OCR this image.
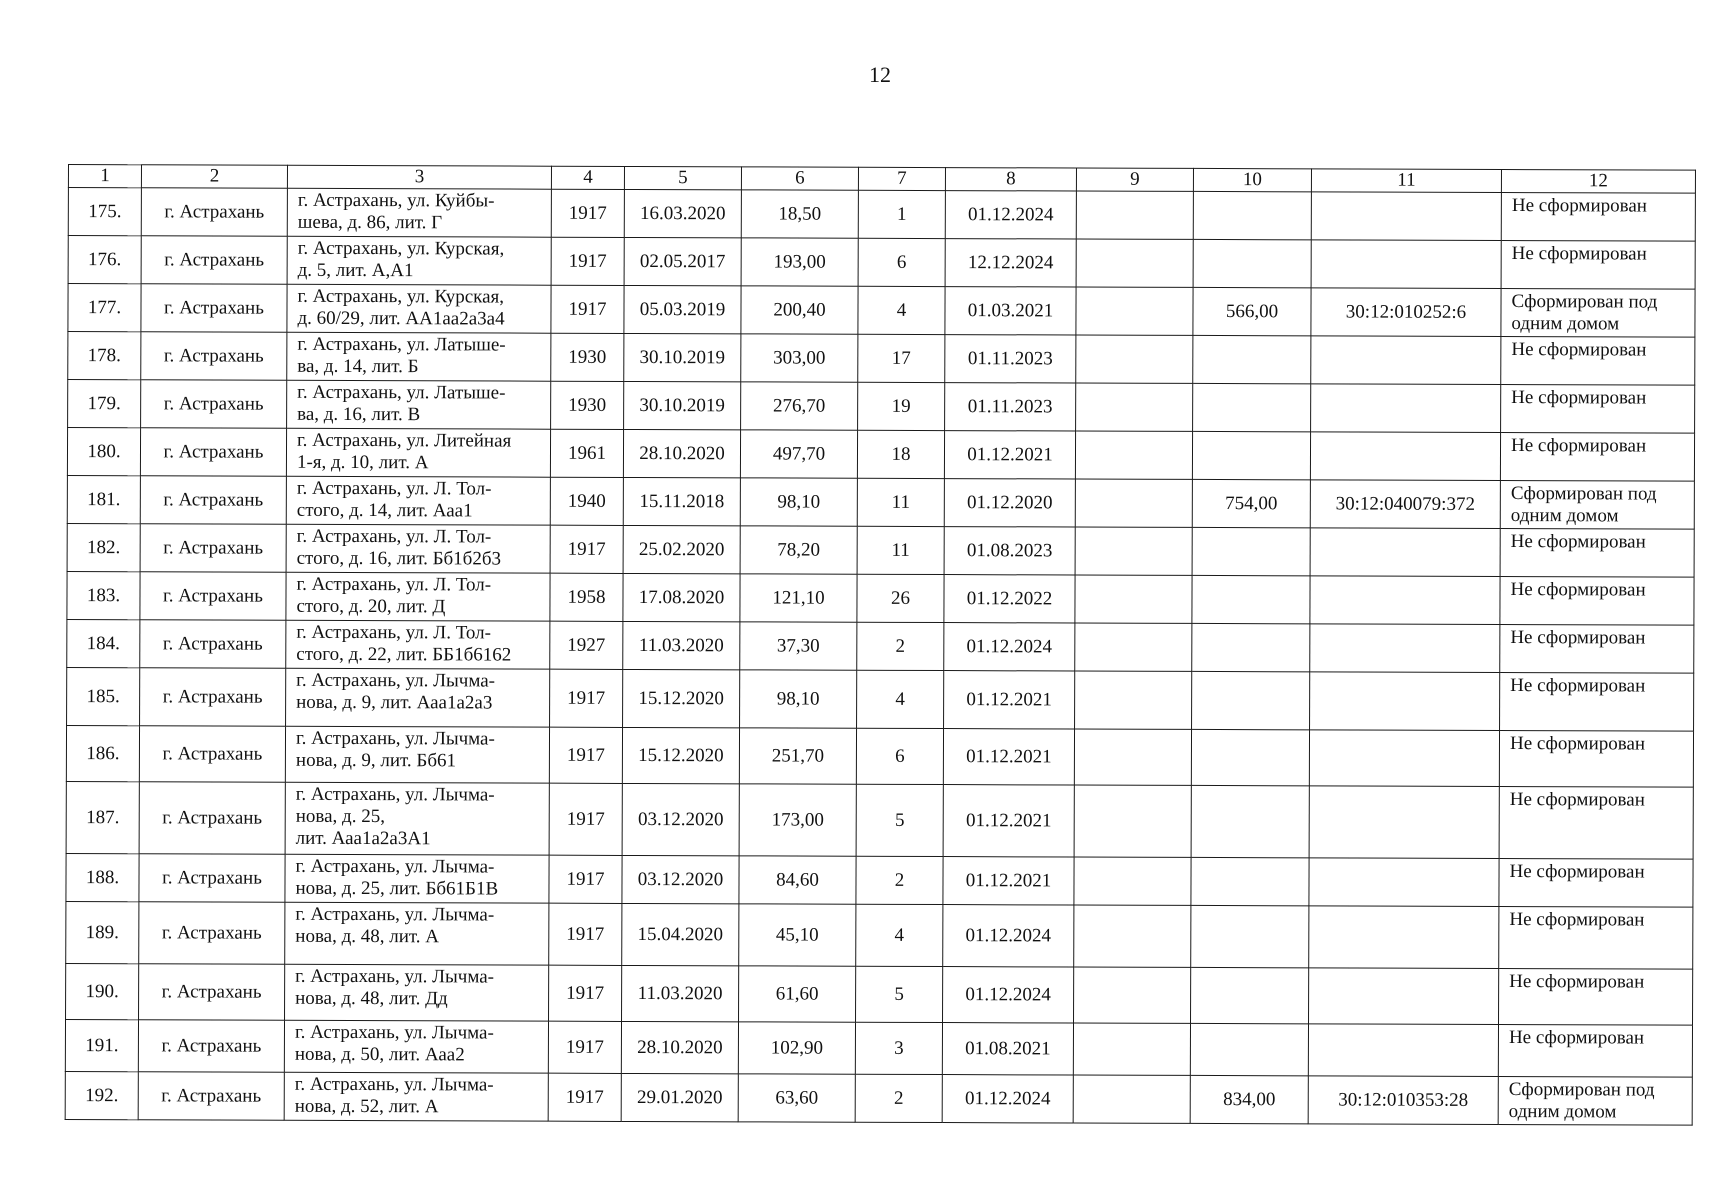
12
1	2	3	4	5	6	7	8	9	10	11	12
175.	г. Астрахань	г. Астрахань, ул. Куйбы-
шева, д. 86, лит. Г	1917	16.03.2020	18,50	1	01.12.2024				Не сформирован
176.	г. Астрахань	г. Астрахань, ул. Курская,
д. 5, лит. А,А1	1917	02.05.2017	193,00	6	12.12.2024				Не сформирован
177.	г. Астрахань	г. Астрахань, ул. Курская,
д. 60/29, лит. АА1аа2а3а4	1917	05.03.2019	200,40	4	01.03.2021		566,00	30:12:010252:6	Сформирован под
одним домом
178.	г. Астрахань	г. Астрахань, ул. Латыше-
ва, д. 14, лит. Б	1930	30.10.2019	303,00	17	01.11.2023				Не сформирован
179.	г. Астрахань	г. Астрахань, ул. Латыше-
ва, д. 16, лит. В	1930	30.10.2019	276,70	19	01.11.2023				Не сформирован
180.	г. Астрахань	г. Астрахань, ул. Литейная
1-я, д. 10, лит. А	1961	28.10.2020	497,70	18	01.12.2021				Не сформирован
181.	г. Астрахань	г. Астрахань, ул. Л. Тол-
стого, д. 14, лит. Ааа1	1940	15.11.2018	98,10	11	01.12.2020		754,00	30:12:040079:372	Сформирован под
одним домом
182.	г. Астрахань	г. Астрахань, ул. Л. Тол-
стого, д. 16, лит. Бб1б2б3	1917	25.02.2020	78,20	11	01.08.2023				Не сформирован
183.	г. Астрахань	г. Астрахань, ул. Л. Тол-
стого, д. 20, лит. Д	1958	17.08.2020	121,10	26	01.12.2022				Не сформирован
184.	г. Астрахань	г. Астрахань, ул. Л. Тол-
стого, д. 22, лит. ББ1б6162	1927	11.03.2020	37,30	2	01.12.2024				Не сформирован
185.	г. Астрахань	г. Астрахань, ул. Лычма-
нова, д. 9, лит. Ааа1а2а3	1917	15.12.2020	98,10	4	01.12.2021				Не сформирован
186.	г. Астрахань	г. Астрахань, ул. Лычма-
нова, д. 9, лит. Бб61	1917	15.12.2020	251,70	6	01.12.2021				Не сформирован
187.	г. Астрахань	г. Астрахань, ул. Лычма-
нова, д. 25,
лит. Ааа1а2а3А1	1917	03.12.2020	173,00	5	01.12.2021				Не сформирован
188.	г. Астрахань	г. Астрахань, ул. Лычма-
нова, д. 25, лит. Бб61Б1В	1917	03.12.2020	84,60	2	01.12.2021				Не сформирован
189.	г. Астрахань	г. Астрахань, ул. Лычма-
нова, д. 48, лит. А	1917	15.04.2020	45,10	4	01.12.2024				Не сформирован
190.	г. Астрахань	г. Астрахань, ул. Лычма-
нова, д. 48, лит. Дд	1917	11.03.2020	61,60	5	01.12.2024				Не сформирован
191.	г. Астрахань	г. Астрахань, ул. Лычма-
нова, д. 50, лит. Ааа2	1917	28.10.2020	102,90	3	01.08.2021				Не сформирован
192.	г. Астрахань	г. Астрахань, ул. Лычма-
нова, д. 52, лит. А	1917	29.01.2020	63,60	2	01.12.2024		834,00	30:12:010353:28	Сформирован под
одним домом
